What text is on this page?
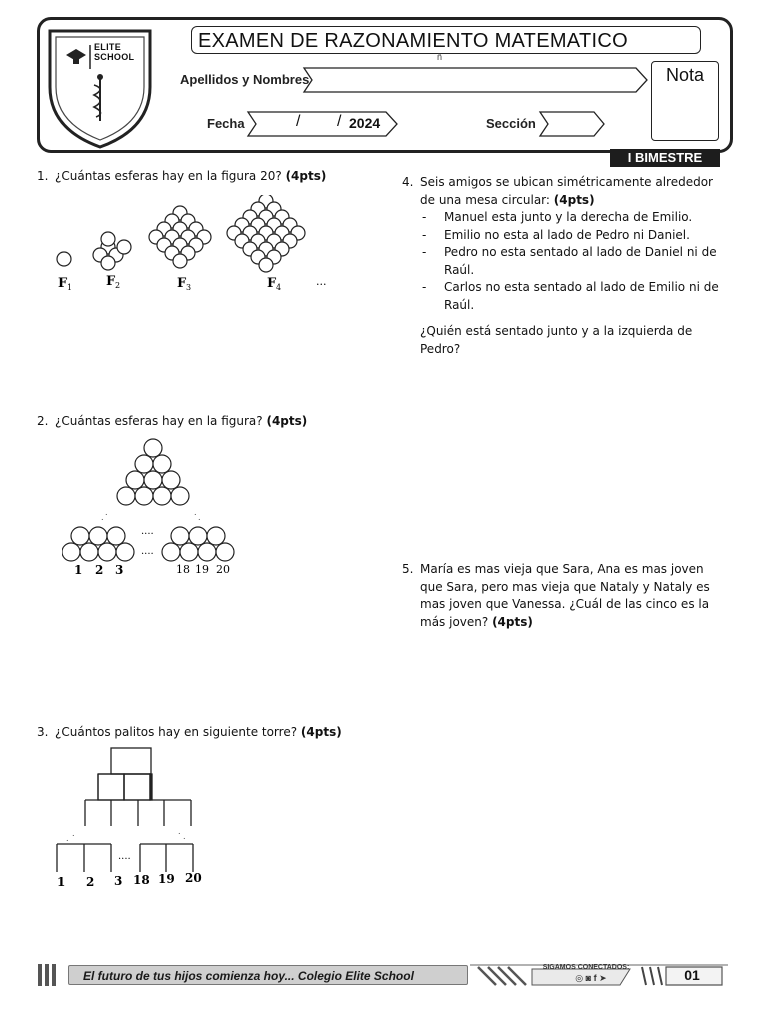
ELITE SCHOOL
EXAMEN DE RAZONAMIENTO MATEMATICO
ñ
Apellidos y Nombres	Nota
Fecha	/ / 2024	Sección
I BIMESTRE
1. ¿Cuántas esferas hay en la figura 20? (4pts)
F 1	F 2	F 3	F 4	...
2. ¿Cuántas esferas hay en la figura? (4pts)
.
.
.
.
....
....
1 2 3	18 19 20
3. ¿Cuántos palitos hay en siguiente torre? (4pts)
.
.
.
.
....
1 2 3 18 19 20
4. Seis amigos se ubican simétricamente alrededor de una mesa circular: (4pts)
- Manuel esta junto y la derecha de Emilio.
- Emilio no esta al lado de Pedro ni Daniel.
- Pedro no esta sentado al lado de Daniel ni de Raúl.
- Carlos no esta sentado al lado de Emilio ni de Raúl.
¿Quién está sentado junto y a la izquierda de Pedro?
5. María es mas vieja que Sara, Ana es mas joven que Sara, pero mas vieja que Nataly y Nataly es mas joven que Vanessa. ¿Cuál de las cinco es la más joven? (4pts)
El futuro de tus hijos comienza hoy... Colegio Elite School
SIGAMOS CONECTADOS:
◎ ◙ f ➤	01
